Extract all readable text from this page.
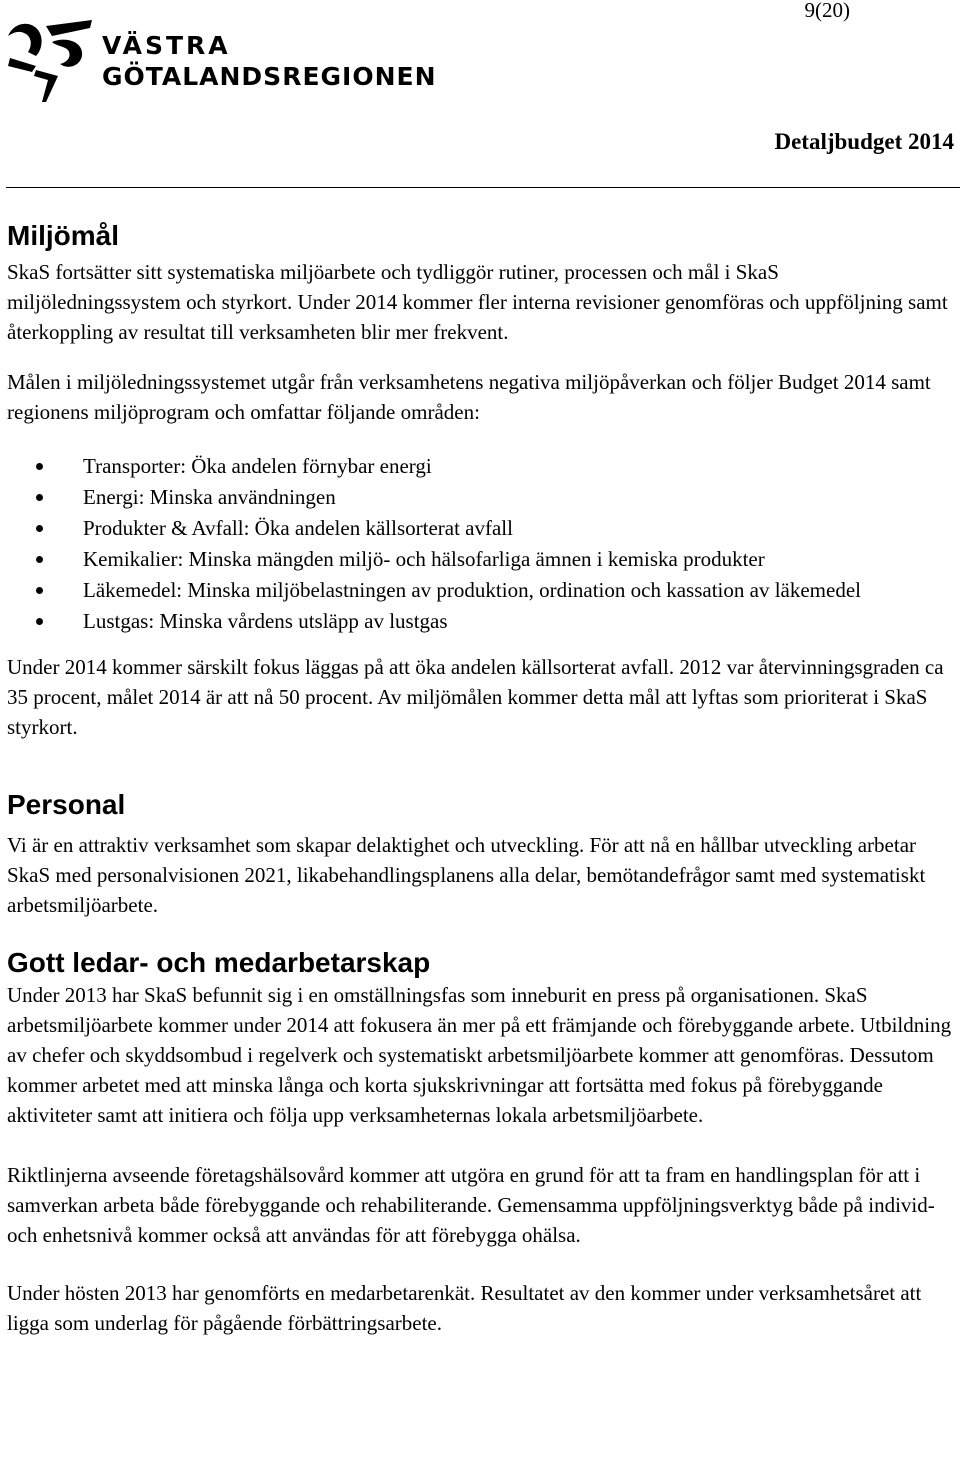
9(20)
VÄSTRA
GÖTALANDSREGIONEN
Detaljbudget 2014
Miljömål

SkaS fortsätter sitt systematiska miljöarbete och tydliggör rutiner, processen och mål i SkaS miljöledningssystem och styrkort. Under 2014 kommer fler interna revisioner genomföras och uppföljning samt återkoppling av resultat till verksamheten blir mer frekvent.

Målen i miljöledningssystemet utgår från verksamhetens negativa miljöpåverkan och följer Budget 2014 samt regionens miljöprogram och omfattar följande områden:

Transporter: Öka andelen förnybar energi
Energi: Minska användningen
Produkter & Avfall: Öka andelen källsorterat avfall
Kemikalier: Minska mängden miljö- och hälsofarliga ämnen i kemiska produkter
Läkemedel: Minska miljöbelastningen av produktion, ordination och kassation av läkemedel
Lustgas: Minska vårdens utsläpp av lustgas

Under 2014 kommer särskilt fokus läggas på att öka andelen källsorterat avfall. 2012 var återvinningsgraden ca 35 procent, målet 2014 är att nå 50 procent. Av miljömålen kommer detta mål att lyftas som prioriterat i SkaS styrkort.

Personal

Vi är en attraktiv verksamhet som skapar delaktighet och utveckling. För att nå en hållbar utveckling arbetar SkaS med personalvisionen 2021, likabehandlingsplanens alla delar, bemötandefrågor samt med systematiskt arbetsmiljöarbete.

Gott ledar- och medarbetarskap

Under 2013 har SkaS befunnit sig i en omställningsfas som inneburit en press på organisationen. SkaS arbetsmiljöarbete kommer under 2014 att fokusera än mer på ett främjande och förebyggande arbete. Utbildning av chefer och skyddsombud i regelverk och systematiskt arbetsmiljöarbete kommer att genomföras. Dessutom kommer arbetet med att minska långa och korta sjukskrivningar att fortsätta med fokus på förebyggande aktiviteter samt att initiera och följa upp verksamheternas lokala arbetsmiljöarbete.

Riktlinjerna avseende företagshälsovård kommer att utgöra en grund för att ta fram en handlingsplan för att i samverkan arbeta både förebyggande och rehabiliterande. Gemensamma uppföljningsverktyg både på individ- och enhetsnivå kommer också att användas för att förebygga ohälsa.

Under hösten 2013 har genomförts en medarbetarenkät. Resultatet av den kommer under verksamhetsåret att ligga som underlag för pågående förbättringsarbete.
